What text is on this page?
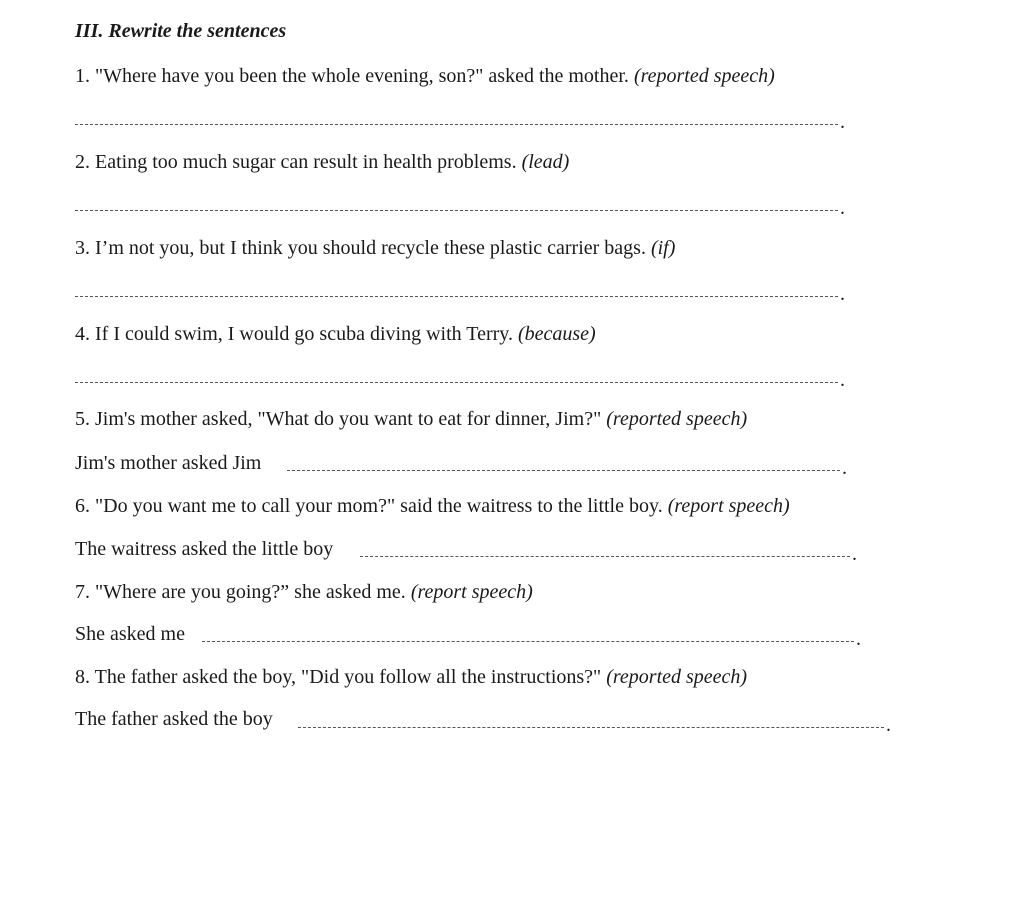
III. Rewrite the sentences
1. "Where have you been the whole evening, son?" asked the mother. (reported speech)
.
2. Eating too much sugar can result in health problems. (lead)
.
3. I’m not you, but I think you should recycle these plastic carrier bags. (if)
.
4. If I could swim, I would go scuba diving with Terry. (because)
.
5. Jim's mother asked, "What do you want to eat for dinner, Jim?" (reported speech)
Jim's mother asked Jim	.
6. "Do you want me to call your mom?" said the waitress to the little boy. (report speech)
The waitress asked the little boy	.
7. "Where are you going?” she asked me. (report speech)
She asked me	.
8. The father asked the boy, "Did you follow all the instructions?" (reported speech)
The father asked the boy	.
